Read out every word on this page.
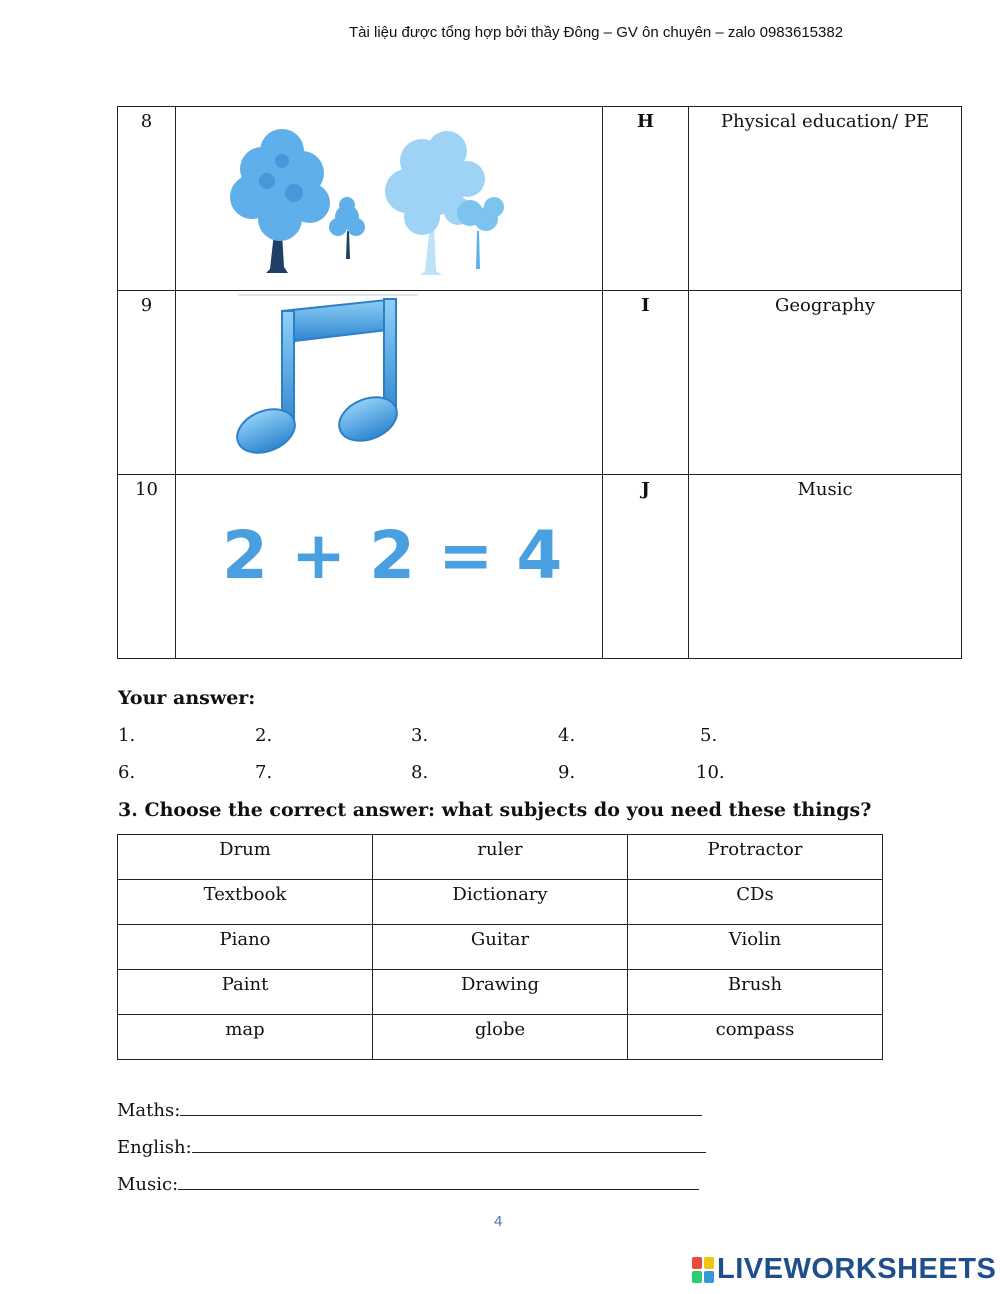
Tài liệu được tổng hợp bởi thầy Đông – GV ôn chuyên – zalo 0983615382
8		H	Physical education/ PE
9		I	Geography
10	2 + 2 = 4	J	Music
Your answer:
1.	2.	3.	4.	5.
6.	7.	8.	9.	10.
3. Choose the correct answer: what subjects do you need these things?
Drum	ruler	Protractor
Textbook	Dictionary	CDs
Piano	Guitar	Violin
Paint	Drawing	Brush
map	globe	compass
Maths:
English:
Music:
4
LIVEWORKSHEETS
